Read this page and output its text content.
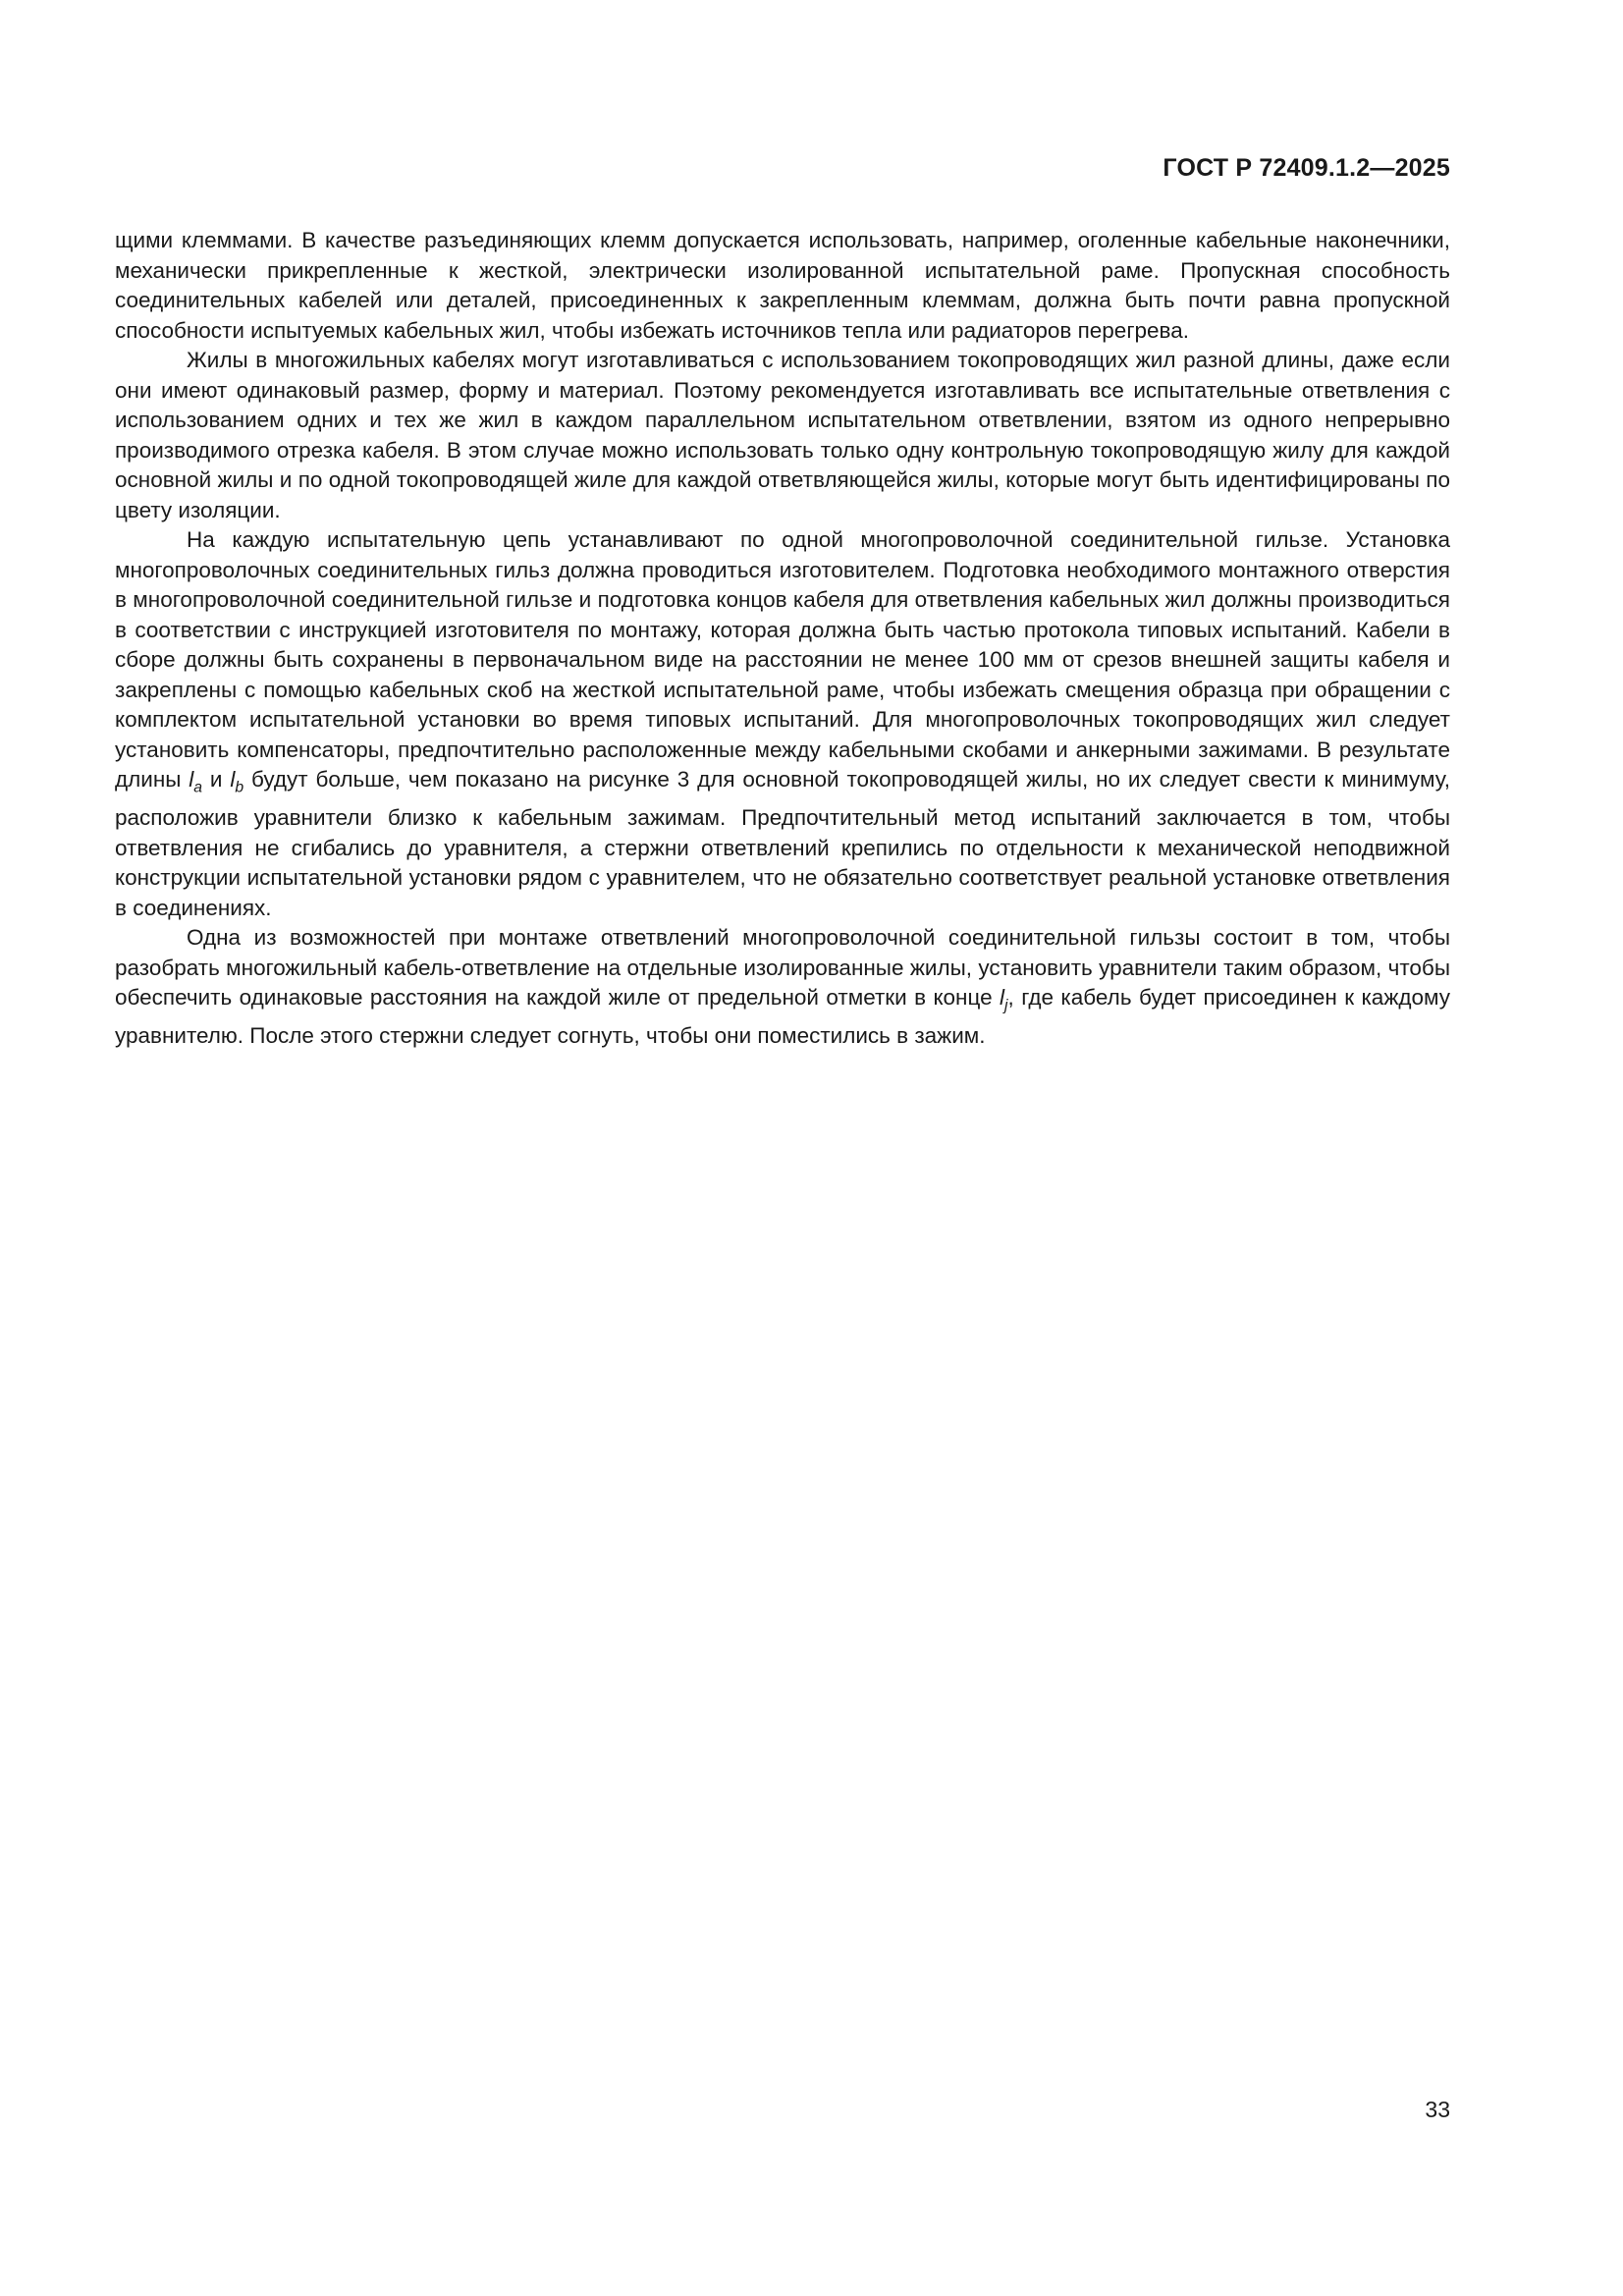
ГОСТ Р 72409.1.2—2025

щими клеммами. В качестве разъединяющих клемм допускается использовать, например, оголенные кабельные наконечники, механически прикрепленные к жесткой, электрически изолированной испытательной раме. Пропускная способность соединительных кабелей или деталей, присоединенных к закрепленным клеммам, должна быть почти равна пропускной способности испытуемых кабельных жил, чтобы избежать источников тепла или радиаторов перегрева.

Жилы в многожильных кабелях могут изготавливаться с использованием токопроводящих жил разной длины, даже если они имеют одинаковый размер, форму и материал. Поэтому рекомендуется изготавливать все испытательные ответвления с использованием одних и тех же жил в каждом параллельном испытательном ответвлении, взятом из одного непрерывно производимого отрезка кабеля. В этом случае можно использовать только одну контрольную токопроводящую жилу для каждой основной жилы и по одной токопроводящей жиле для каждой ответвляющейся жилы, которые могут быть идентифицированы по цвету изоляции.

На каждую испытательную цепь устанавливают по одной многопроволочной соединительной гильзе. Установка многопроволочных соединительных гильз должна проводиться изготовителем. Подготовка необходимого монтажного отверстия в многопроволочной соединительной гильзе и подготовка концов кабеля для ответвления кабельных жил должны производиться в соответствии с инструкцией изготовителя по монтажу, которая должна быть частью протокола типовых испытаний. Кабели в сборе должны быть сохранены в первоначальном виде на расстоянии не менее 100 мм от срезов внешней защиты кабеля и закреплены с помощью кабельных скоб на жесткой испытательной раме, чтобы избежать смещения образца при обращении с комплектом испытательной установки во время типовых испытаний. Для многопроволочных токопроводящих жил следует установить компенсаторы, предпочтительно расположенные между кабельными скобами и анкерными зажимами. В результате длины $l_a$ и $l_b$ будут больше, чем показано на рисунке 3 для основной токопроводящей жилы, но их следует свести к минимуму, расположив уравнители близко к кабельным зажимам. Предпочтительный метод испытаний заключается в том, чтобы ответвления не сгибались до уравнителя, а стержни ответвлений крепились по отдельности к механической неподвижной конструкции испытательной установки рядом с уравнителем, что не обязательно соответствует реальной установке ответвления в соединениях.

Одна из возможностей при монтаже ответвлений многопроволочной соединительной гильзы состоит в том, чтобы разобрать многожильный кабель-ответвление на отдельные изолированные жилы, установить уравнители таким образом, чтобы обеспечить одинаковые расстояния на каждой жиле от предельной отметки в конце $l_j$, где кабель будет присоединен к каждому уравнителю. После этого стержни следует согнуть, чтобы они поместились в зажим.

33
